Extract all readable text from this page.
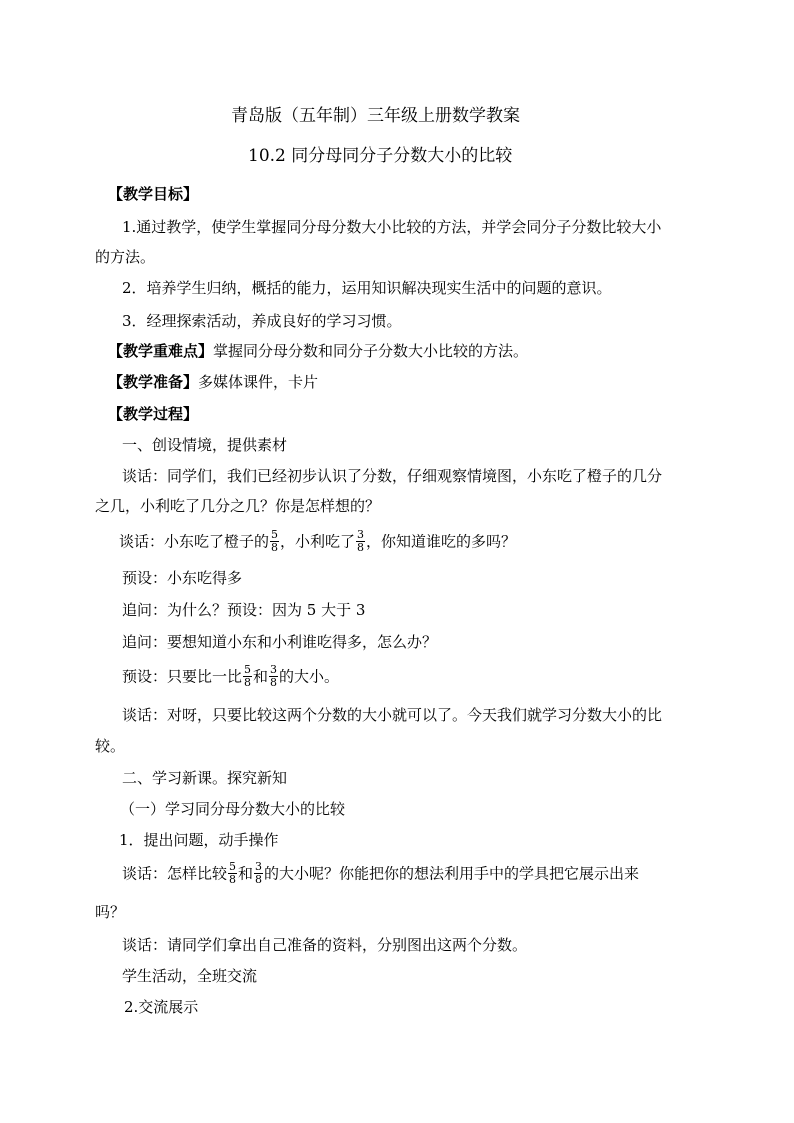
青岛版（五年制）三年级上册数学教案
10.2 同分母同分子分数大小的比较
【教学目标】
1.通过教学，使学生掌握同分母分数大小比较的方法，并学会同分子分数比较大小
的方法。
2．培养学生归纳，概括的能力，运用知识解决现实生活中的问题的意识。
3．经理探索活动，养成良好的学习习惯。
【教学重难点】掌握同分母分数和同分子分数大小比较的方法。
【教学准备】多媒体课件，卡片
【教学过程】
一、创设情境，提供素材
谈话：同学们，我们已经初步认识了分数，仔细观察情境图，小东吃了橙子的几分
之几，小利吃了几分之几？你是怎样想的？
谈话：小东吃了橙子的 $\frac{5}{8}$ ，小利吃了 $\frac{3}{8}$ ，你知道谁吃的多吗？
预设：小东吃得多
追问：为什么？预设：因为 5 大于 3
追问：要想知道小东和小利谁吃得多，怎么办？
预设：只要比一比 $\frac{5}{8}$ 和 $\frac{3}{8}$ 的大小。
谈话：对呀，只要比较这两个分数的大小就可以了。今天我们就学习分数大小的比
较。
二、学习新课。探究新知
（一）学习同分母分数大小的比较
1．提出问题，动手操作
谈话：怎样比较 $\frac{5}{8}$ 和 $\frac{3}{8}$ 的大小呢？你能把你的想法利用手中的学具把它展示出来
吗？
谈话：请同学们拿出自己准备的资料，分别图出这两个分数。
学生活动，全班交流
2.交流展示
